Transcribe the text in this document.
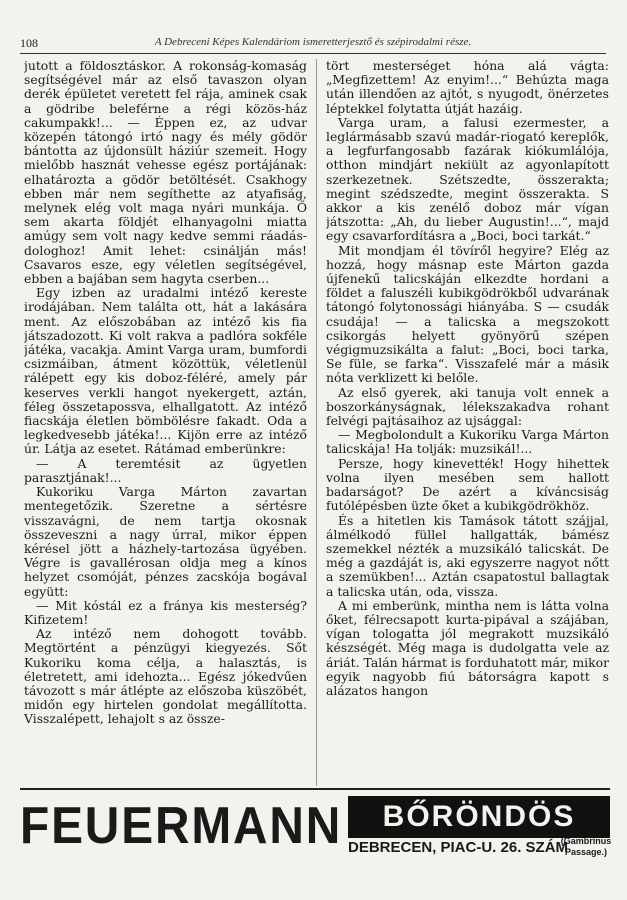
108	A Debreceni Képes Kalendáriom ismeretterjesztő és szépirodalmi része.

jutott a földosztáskor. A rokonság-komaság segítségével már az első tavaszon olyan derék épületet veretett fel rája, aminek csak a gödribe beleférne a régi közös-ház cakumpakk!... — Éppen ez, az udvar közepén tátongó irtó nagy és mély gödör bántotta az újdonsült háziúr szemeit. Hogy mielőbb hasznát vehesse egész portájának: elhatározta a gödör betöltését. Csakhogy ebben már nem segíthette az atyafiság, melynek elég volt maga nyári munkája. Ő sem akarta földjét elhanyagolni miatta amúgy sem volt nagy kedve semmi ráadás-dologhoz! Amit lehet: csinálján más! Csavaros esze, egy véletlen segítségével, ebben a bajában sem hagyta cserben...

Egy izben az uradalmi intéző kereste irodájában. Nem találta ott, hát a lakására ment. Az előszobában az intéző kis fia játszadozott. Ki volt rakva a padlóra sokféle játéka, vacakja. Amint Varga uram, bumfordi csizmáiban, átment közöttük, véletlenül rálépett egy kis doboz-féléré, amely pár keserves verkli hangot nyekergett, aztán, féleg összetapossva, elhallgatott. Az intéző fiacskája életlen bömbölésre fakadt. Oda a legkedvesebb játéka!... Kijön erre az intéző úr. Látja az esetet. Rátámad emberünkre:

— A teremtésit az ügyetlen parasztjának!...

Kukoriku Varga Márton zavartan mentegetőzik. Szeretne a sértésre visszavágni, de nem tartja okosnak összeveszni a nagy úrral, mikor éppen kérésel jött a házhely-tartozása ügyében. Végre is gavallérosan oldja meg a kínos helyzet csomóját, pénzes zacskója bogával együtt:

— Mit kóstál ez a frányа kis mesterség? Kifizetem!

Az intéző nem dohogott tovább. Megtörtént a pénzügyi kiegyezés. Sőt Kukoriku koma célja, a halasztás, is életretett, ami idehozta... Egész jókedvűen távozott s már átlépte az előszoba küszöbét, midőn egy hirtelen gondolat megállította. Visszalépett, lehajolt s az össze-

tört mesterséget hóna alá vágta: „Megfizettem! Az enyim!...“ Behúzta maga után illendően az ajtót, s nyugodt, önérzetes léptekkel folytatta útját hazáig.

Varga uram, a falusi ezermester, a leglármásabb szavú madár-riogató kereplők, a legfurfangosabb fazárak kiókumlálója, otthon mindjárt nekiült az agyonlapított szerkezetnek. Szétszedte, összerakta; megint szédszedte, megint összerakta. S akkor a kis zenélő doboz már vígan játszotta: „Ah, du lieber Augustin!...“, majd egy csavarfordításra a „Boci, boci tarkát.“

Mit mondjam él tövíről hegyire? Elég az hozzá, hogy másnap este Márton gazda újfenekű talicskáján elkezdte hordani a földet a faluszéli kubikgödrökből udvarának tátongó folytonossági hiányába. S — csudák csudája! — a talicska a megszokott csikorgás helyett gyönyörű szépen végigmuzsikálta a falut: „Boci, boci tarka, Se füle, se farka“. Visszafelé már a másik nóta verklizett ki belőle.

Az első gyerek, aki tanuja volt ennek a boszorkányságnak, lélekszakadva rohant felvégi pajtásaihoz az ujsággal:

— Megbolondult a Kukoriku Varga Márton talicskája! Ha tolják: muzsikál!...

Persze, hogy kinevették! Hogy hihettek volna ilyen mesében sem hallott badarságot? De azért a kíváncsiság futólépésben üzte őket a kubikgödrökhöz.

És a hitetlen kis Tamások tátott szájjal, álmélkodó füllel hallgatták, bámész szemekkel nézték a muzsikáló talicskát. De még a gazdáját is, aki egyszerre nagyot nőtt a szemükben!... Aztán csapatostul ballagtak a talicska után, oda, vissza.

A mi emberünk, mintha nem is látta volna őket, félrecsapott kurta-pipával a szájában, vígan tologatta jól megrakott muzsikáló készségét. Még maga is dudolgatta vele az áriát. Talán hármat is forduhatott már, mikor egyik nagyobb fiú bátorságra kapott s alázatos hangon

FEUERMANN	BŐRÖNDÖS
DEBRECEN, PIAC-U. 26. SZÁM
(Gambrinus Passage.)
